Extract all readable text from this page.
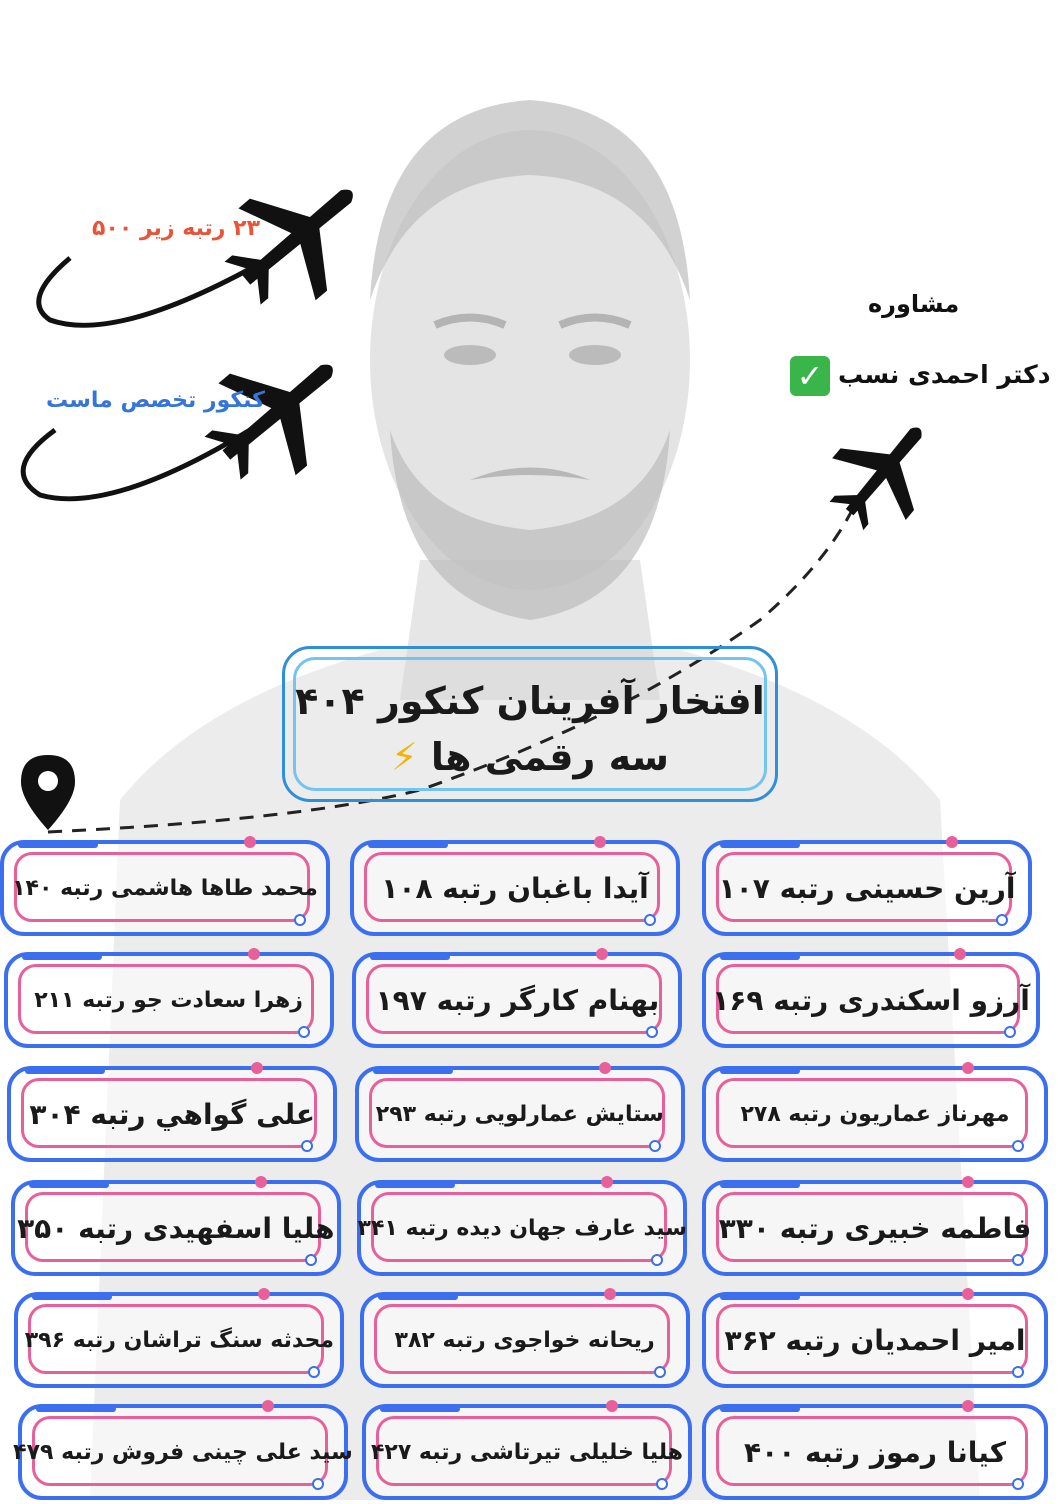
۲۳ رتبه زیر ۵۰۰
کنکور تخصص ماست
مشاوره
دکتر احمدی نسب
✓
افتخار آفرینان کنکور ۴۰۴
سه رقمی ها ⚡
آرین حسینی رتبه ۱۰۷
آیدا باغبان رتبه ۱۰۸
محمد طاها هاشمی رتبه ۱۴۰
آرزو اسکندری رتبه ۱۶۹
بهنام کارگر رتبه ۱۹۷
زهرا سعادت جو رتبه ۲۱۱
مهرناز عماریون رتبه ۲۷۸
ستایش عمارلویی رتبه ۲۹۳
علی گواهي رتبه ۳۰۴
فاطمه خبیری رتبه ۳۳۰
سید عارف جهان دیده رتبه ۳۴۱
هلیا اسفهیدی رتبه ۳۵۰
امیر احمدیان رتبه ۳۶۲
ریحانه خواجوی رتبه ۳۸۲
محدثه سنگ تراشان رتبه ۳۹۶
کیانا رموز رتبه ۴۰۰
هلیا خلیلی تیرتاشی رتبه ۴۲۷
سید علی چینی فروش رتبه ۴۷۹
